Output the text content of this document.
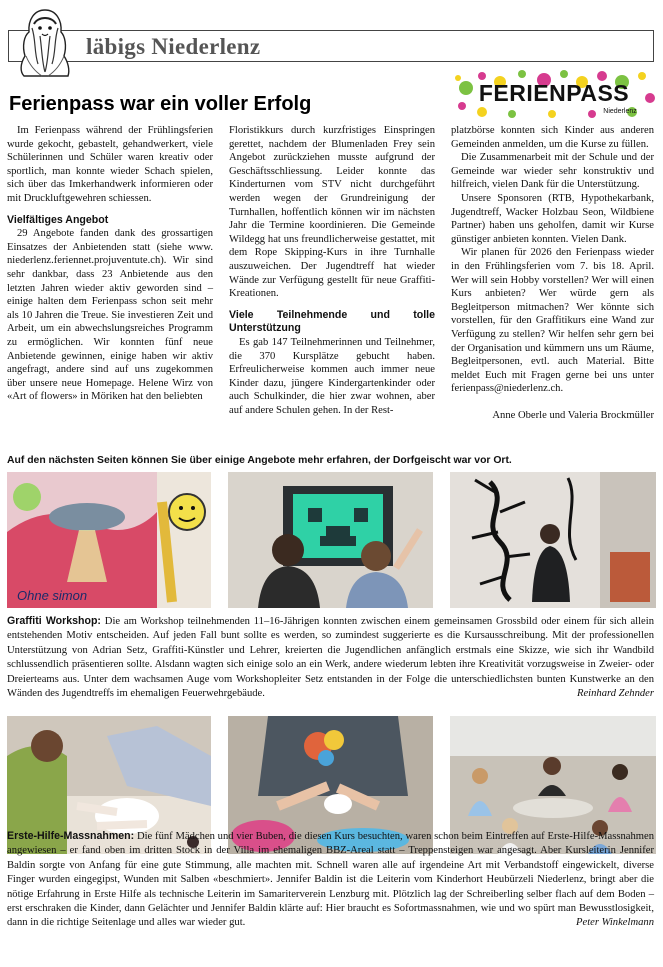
läbigs Niederlenz
FERIENPASS
Niederlenz
Ferienpass war ein voller Erfolg

Im Ferienpass während der Frühlingsferien wurde gekocht, gebastelt, gehandwerkert, viele Schülerinnen und Schüler waren kreativ oder sportlich, man konnte wieder Schach spielen, sich über das Imkerhandwerk informieren oder mit Druckluftgewehren schiessen.

Vielfältiges Angebot

29 Angebote fanden dank des grossartigen Einsatzes der Anbietenden statt (siehe www. niederlenz.feriennet.projuventute.ch). Wir sind sehr dankbar, dass 23 Anbietende aus den letzten Jahren wieder aktiv geworden sind – einige halten dem Ferienpass schon seit mehr als 10 Jahren die Treue. Sie investieren Zeit und Arbeit, um ein abwechslungsreiches Programm zu ermöglichen. Wir konnten fünf neue Anbietende gewinnen, einige haben wir aktiv angefragt, andere sind auf uns zugekommen über unsere neue Homepage. Helene Wirz von «Art of flowers» in Möriken hat den beliebten

Floristikkurs durch kurzfristiges Einspringen gerettet, nachdem der Blumenladen Frey sein Angebot zurückziehen musste aufgrund der Geschäftsschliessung. Leider konnte das Kinderturnen vom STV nicht durchgeführt werden wegen der Grundreinigung der Turnhallen, hoffentlich können wir im nächsten Jahr die Termine koordinieren. Die Gemeinde Wildegg hat uns freundlicherweise gestattet, mit dem Rope Skipping-Kurs in ihre Turnhalle auszuweichen. Der Jugendtreff hat wieder Wände zur Verfügung gestellt für neue Graffiti-Kreationen.

Viele Teilnehmende und tolle Unterstützung

Es gab 147 Teilnehmerinnen und Teilnehmer, die 370 Kursplätze gebucht haben. Erfreulicherweise kommen auch immer neue Kinder dazu, jüngere Kindergartenkinder oder auch Schulkinder, die hier zwar wohnen, aber auf andere Schulen gehen. In der Rest-

platzbörse konnten sich Kinder aus anderen Gemeinden anmelden, um die Kurse zu füllen.

Die Zusammenarbeit mit der Schule und der Gemeinde war wieder sehr konstruktiv und hilfreich, vielen Dank für die Unterstützung.

Unsere Sponsoren (RTB, Hypothekarbank, Jugendtreff, Wacker Holzbau Seon, Wildbiene Partner) haben uns geholfen, damit wir Kurse günstiger anbieten konnten. Vielen Dank.

Wir planen für 2026 den Ferienpass wieder in den Frühlingsferien vom 7. bis 18. April. Wer will sein Hobby vorstellen? Wer will einen Kurs anbieten? Wer würde gern als Begleitperson mitmachen? Wer könnte sich vorstellen, für den Graffitikurs eine Wand zur Verfügung zu stellen? Wir helfen sehr gern bei der Organisation und kümmern uns um Räume, Begleitpersonen, evtl. auch Material. Bitte meldet Euch mit Fragen gerne bei uns unter ferienpass@niederlenz.ch.

Anne Oberle und Valeria Brockmüller

Auf den nächsten Seiten können Sie über einige Angebote mehr erfahren, der Dorfgeischt war vor Ort.
Ohne simon
Graffiti Workshop: Die am Workshop teilnehmenden 11–16-Jährigen konnten zwischen einem gemeinsamen Grossbild oder einem für sich allein entstehenden Motiv entscheiden. Auf jeden Fall bunt sollte es werden, so zumindest suggerierte es die Kursausschreibung. Mit der professionellen Unterstützung von Adrian Setz, Graffiti-Künstler und Lehrer, kreierten die Jugendlichen anfänglich erstmals eine Skizze, wie sich ihr Wandbild schlussendlich präsentieren sollte. Alsdann wagten sich einige solo an ein Werk, andere wiederum lebten ihre Kreativität vorzugsweise in Zweier- oder Dreierteams aus. Unter dem wachsamen Auge vom Workshopleiter Setz entstanden in der Folge die unterschiedlichsten bunten Kunstwerke an den Wänden des Jugendtreffs im ehemaligen Feuerwehrgebäude.	Reinhard Zehnder
Erste-Hilfe-Massnahmen: Die fünf Mädchen und vier Buben, die diesen Kurs besuchten, waren schon beim Eintreffen auf Erste-Hilfe-Massnahmen angewiesen – er fand oben im dritten Stock in der Villa im ehemaligen BBZ-Areal statt – Treppensteigen war angesagt. Aber Kursleiterin Jennifer Baldin sorgte von Anfang für eine gute Stimmung, alle machten mit. Schnell waren alle auf irgendeine Art mit Verbandstoff eingewickelt, diverse Finger wurden eingegipst, Wunden mit Salben «beschmiert». Jennifer Baldin ist die Leiterin vom Kinderhort Heubürzeli Niederlenz, bringt aber die nötige Erfahrung in Erste Hilfe als technische Leiterin im Samariterverein Lenzburg mit. Plötzlich lag der Schreiberling selber flach auf dem Boden – erst erschraken die Kinder, dann Gelächter und Jennifer Baldin klärte auf: Hier braucht es Sofortmassnahmen, wie und wo spürt man Bewusstlosigkeit, dann in die richtige Seitenlage und alles war wieder gut.	Peter Winkelmann
